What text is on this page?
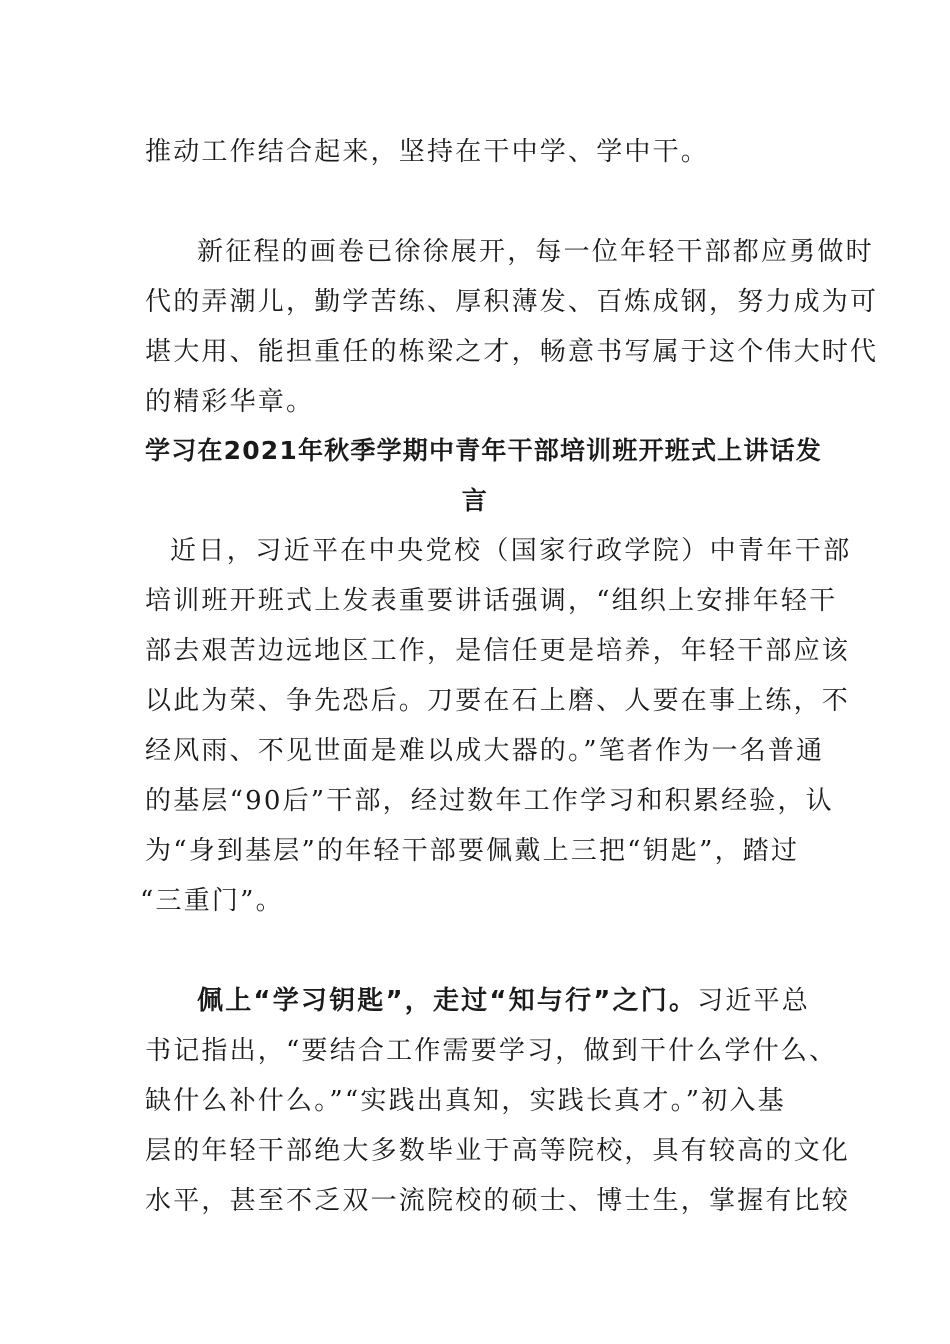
推动工作结合起来，坚持在干中学、学中干。
新征程的画卷已徐徐展开，每一位年轻干部都应勇做时
代的弄潮儿，勤学苦练、厚积薄发、百炼成钢，努力成为可
堪大用、能担重任的栋梁之才，畅意书写属于这个伟大时代
的精彩华章。
学习在2021年秋季学期中青年干部培训班开班式上讲话发
言
近日，习近平在中央党校（国家行政学院）中青年干部
培训班开班式上发表重要讲话强调，“组织上安排年轻干
部去艰苦边远地区工作，是信任更是培养，年轻干部应该
以此为荣、争先恐后。刀要在石上磨、人要在事上练，不
经风雨、不见世面是难以成大器的。”笔者作为一名普通
的基层“90后”干部，经过数年工作学习和积累经验，认
为“身到基层”的年轻干部要佩戴上三把“钥匙”，踏过
“三重门”。
佩上“学习钥匙”，走过“知与行”之门。习近平总
书记指出，“要结合工作需要学习，做到干什么学什么、
缺什么补什么。”“实践出真知，实践长真才。”初入基
层的年轻干部绝大多数毕业于高等院校，具有较高的文化
水平，甚至不乏双一流院校的硕士、博士生，掌握有比较
